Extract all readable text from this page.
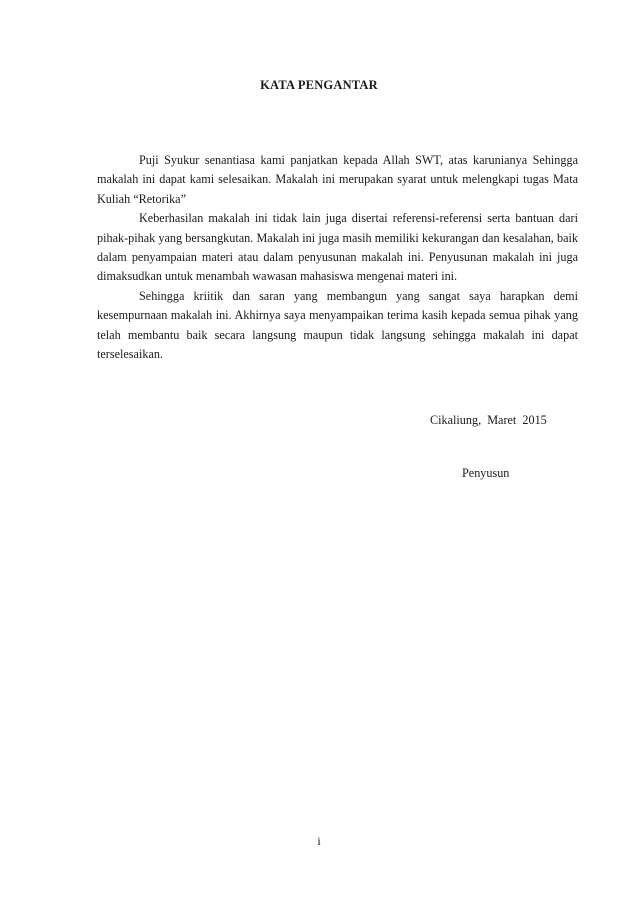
KATA PENGANTAR

Puji Syukur senantiasa kami panjatkan kepada Allah SWT, atas karunianya Sehingga makalah ini dapat kami selesaikan. Makalah ini merupakan syarat untuk melengkapi tugas Mata Kuliah “Retorika”

Keberhasilan makalah ini tidak lain juga disertai referensi-referensi serta bantuan dari pihak-pihak yang bersangkutan. Makalah ini juga masih memiliki kekurangan dan kesalahan, baik dalam penyampaian materi atau dalam penyusunan makalah ini. Penyusunan makalah ini juga dimaksudkan untuk menambah wawasan mahasiswa mengenai materi ini.

Sehingga kriitik dan saran yang membangun yang sangat saya harapkan demi kesempurnaan makalah ini. Akhirnya saya menyampaikan terima kasih kepada semua pihak yang telah membantu baik secara langsung maupun tidak langsung sehingga makalah ini dapat terselesaikan.

Cikaliung,  Maret  2015
Penyusun
i
